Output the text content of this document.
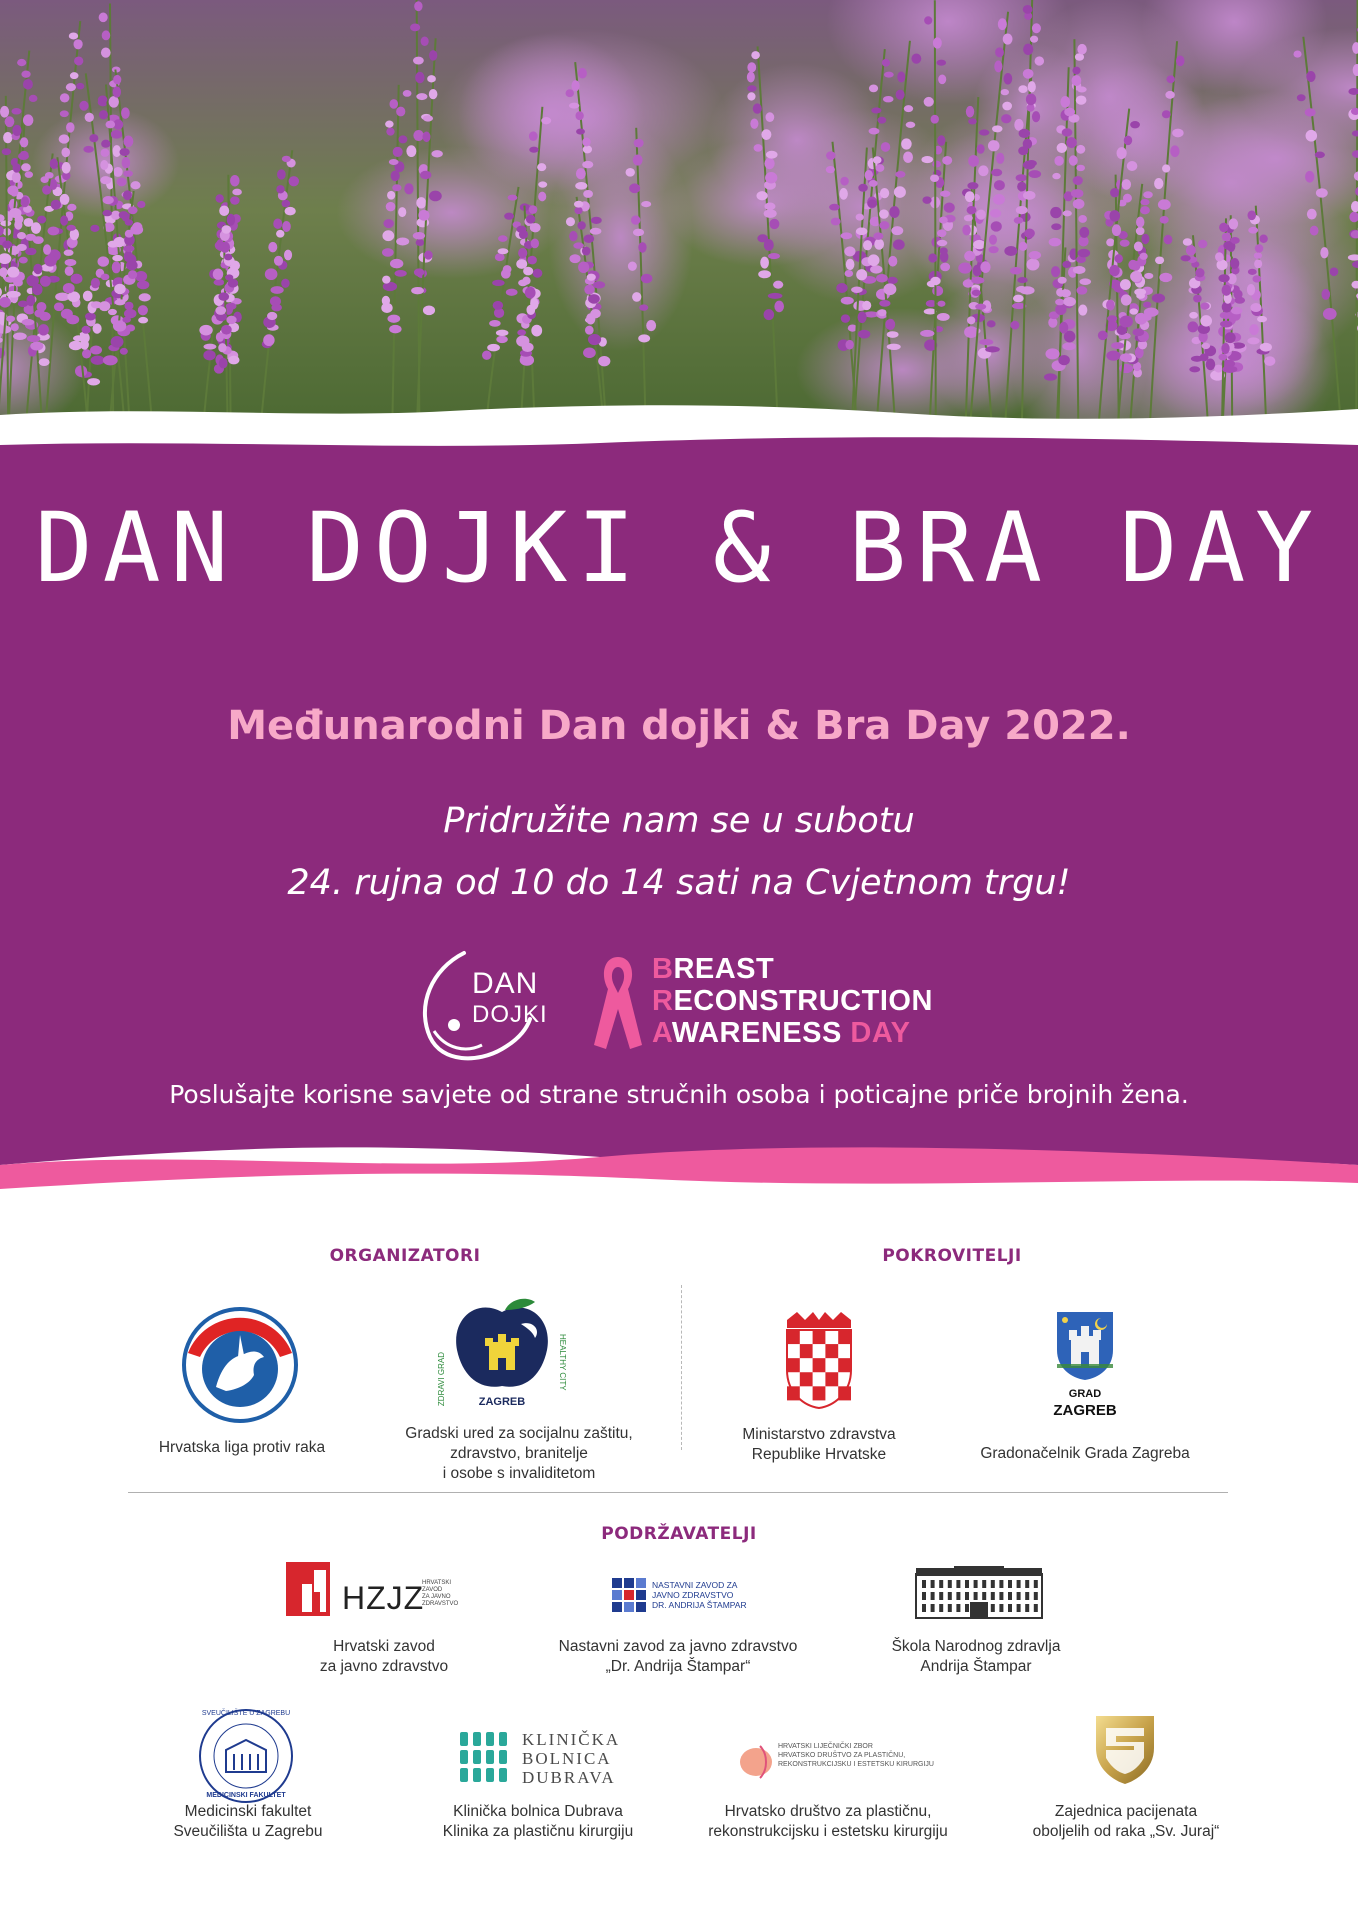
DAN DOJKI & BRA DAY
Međunarodni Dan dojki & Bra Day 2022.
Pridružite nam se u subotu
24. rujna od 10 do 14 sati na Cvjetnom trgu!
DAN
DOJKI
BREAST
RECONSTRUCTION
AWARENESS DAY
Poslušajte korisne savjete od strane stručnih osoba i poticajne priče brojnih žena.
ORGANIZATORI	POKROVITELJI
Hrvatska liga protiv raka
ZDRAVI GRAD	HEALTHY CITY
ZAGREB
Gradski ured za socijalnu zaštitu,
zdravstvo, branitelje
i osobe s invaliditetom
Ministarstvo zdravstva
Republike Hrvatske
GRAD
ZAGREB
Gradonačelnik Grada Zagreba
PODRŽAVATELJI
HZJZ
HRVATSKI
ZAVOD
ZA JAVNO
ZDRAVSTVO
Hrvatski zavod
za javno zdravstvo
NASTAVNI ZAVOD ZA
JAVNO ZDRAVSTVO
DR. ANDRIJA ŠTAMPAR
Nastavni zavod za javno zdravstvo
„Dr. Andrija Štampar“
Škola Narodnog zdravlja
Andrija Štampar
SVEUČILIŠTE U ZAGREBU
MEDICINSKI FAKULTET
Medicinski fakultet
Sveučilišta u Zagrebu
KLINIČKA
BOLNICA
DUBRAVA
Klinička bolnica Dubrava
Klinika za plastičnu kirurgiju
HRVATSKI LIJEČNIČKI ZBOR
HRVATSKO DRUŠTVO ZA PLASTIČNU,
REKONSTRUKCIJSKU I ESTETSKU KIRURGIJU
Hrvatsko društvo za plastičnu,
rekonstrukcijsku i estetsku kirurgiju
Zajednica pacijenata
oboljelih od raka „Sv. Juraj“
